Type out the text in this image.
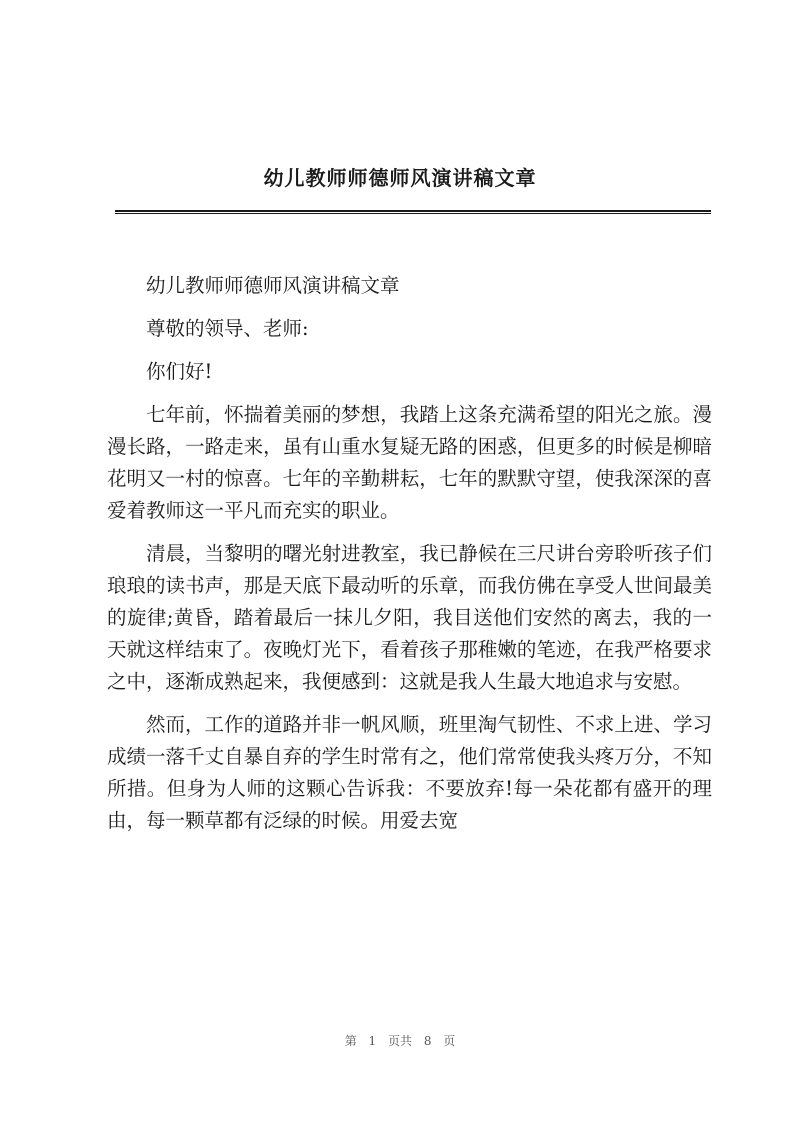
幼儿教师师德师风演讲稿文章

幼儿教师师德师风演讲稿文章

尊敬的领导、老师:

你们好!

七年前，怀揣着美丽的梦想，我踏上这条充满希望的阳光之旅。漫漫长路，一路走来，虽有山重水复疑无路的困惑，但更多的时候是柳暗花明又一村的惊喜。七年的辛勤耕耘，七年的默默守望，使我深深的喜爱着教师这一平凡而充实的职业。

清晨，当黎明的曙光射进教室，我已静候在三尺讲台旁聆听孩子们琅琅的读书声，那是天底下最动听的乐章，而我仿佛在享受人世间最美的旋律;黄昏，踏着最后一抹儿夕阳，我目送他们安然的离去，我的一天就这样结束了。夜晚灯光下，看着孩子那稚嫩的笔迹，在我严格要求之中，逐渐成熟起来，我便感到：这就是我人生最大地追求与安慰。

然而，工作的道路并非一帆风顺，班里淘气韧性、不求上进、学习成绩一落千丈自暴自弃的学生时常有之，他们常常使我头疼万分，不知所措。但身为人师的这颗心告诉我：不要放弃!每一朵花都有盛开的理由，每一颗草都有泛绿的时候。用爱去宽

第 1 页共 8 页
